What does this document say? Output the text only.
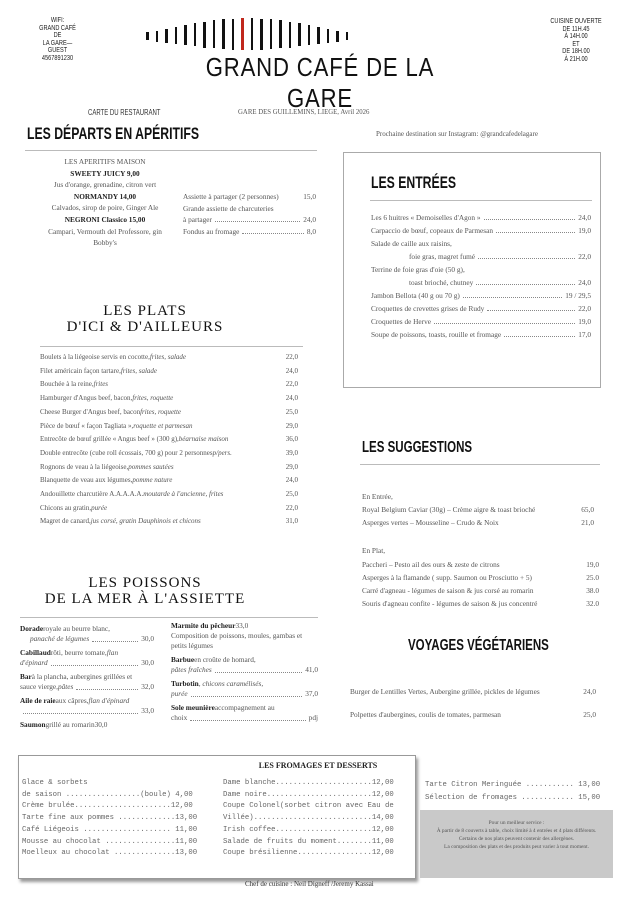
WIFI:
GRAND CAFÉ DE
LA GARE—GUEST
4567891230	GRAND CAFÉ DE LA GARE
CUISINE OUVERTE
DE 11H.45
À 14H.00
ET
DE 18H.00
À 21H.00
CARTE DU RESTAURANT	GARE DES GUILLEMINS, LIEGE, Avril 2026
Prochaine destination sur Instagram: @grandcafedelagare
LES DÉPARTS EN APÉRITIFS
LES APERITIFS MAISON
SWEETY JUICY 9,00
Jus d'orange, grenadine, citron vert
NORMANDY 14,00
Calvados, sirop de poire, Ginger Ale
NEGRONI Classico 15,00
Campari, Vermouth del Professore, gin
Bobby's
Assiette à partager (2 personnes)	15,0
Grande assiette de charcuteries
à partager	24,0
Fondus au fromage	8,0
LES ENTRÉES
Les 6 huitres « Demoiselles d'Agon »	24,0
Carpaccio de bœuf, copeaux de Parmesan	19,0
Salade de caille aux raisins,
foie gras, magret fumé	22,0
Terrine de foie gras d'oie (50 g),
toast brioché, chutney	24,0
Jambon Bellota (40 g ou 70 g)	19 / 29,5
Croquettes de crevettes grises de Rudy	22,0
Croquettes de Herve	19,0
Soupe de poissons, toasts, rouille et fromage	17,0
LES PLATS
D'ICI & D'AILLEURS
Boulets à la liégeoise servis en cocotte, frites, salade	22,0
Filet américain façon tartare, frites, salade	24,0
Bouchée à la reine, frites	22,0
Hamburger d'Angus beef, bacon, frites, roquette	24,0
Cheese Burger d'Angus beef, bacon frites, roquette	25,0
Pièce de bœuf « façon Tagliata », roquette et parmesan	29,0
Entrecôte de bœuf grillée « Angus beef » (300 g), béarnaise maison	36,0
Double entrecôte (cube roll écossais, 700 g) pour 2 personnes p/pers.	39,0
Rognons de veau à la liégeoise, pommes sautées	29,0
Blanquette de veau aux légumes, pomme nature	24,0
Andouillette charcutière A.A.A.A.A. moutarde à l'ancienne, frites	25,0
Chicons au gratin, purée	22,0
Magret de canard, jus corsé, gratin Dauphinois et chicons	31,0
LES SUGGESTIONS
En Entrée,
Royal Belgium Caviar (30g) – Crème aigre & toast brioché	65,0
Asperges vertes – Mousseline – Crudo & Noix	21,0
En Plat,
Paccheri – Pesto ail des ours & zeste de citrons	19,0
Asperges à la flamande ( supp. Saumon ou Prosciutto + 5)	25.0
Carré d'agneau - légumes de saison & jus corsé au romarin	38.0
Souris d'agneau confite - légumes de saison & jus concentré	32.0
LES POISSONS
DE LA MER À L'ASSIETTE
Dorade royale au beurre blanc,
panaché de légumes	30,0
Cabillaud rôti, beurre tomate, flan
d'épinard	30,0
Bar à la plancha, aubergines grillées et
sauce vierge, pâtes	32,0
Aile de raie aux câpres, flan d'épinard
33,0
Saumon grillé au romarin 30,0
Marmite du pêcheur 33,0
Composition de poissons, moules, gambas et petits légumes
Barbue en croûte de homard,
pâtes fraîches	41,0
Turbotin , chicons caramélisés,
purée	37,0
Sole meunière accompagnement au
choix	pdj
VOYAGES VÉGÉTARIENS
Burger de Lentilles Vertes, Aubergine grillée, pickles de légumes	24,0
Polpettes d'aubergines, coulis de tomates, parmesan	25,0
LES FROMAGES ET DESSERTS
Glace & sorbets
de saison .................(boule) 4,00
Crème brulée......................12,00
Tarte fine aux pommes .............13,00
Café Liégeois .................... 11,00
Mousse au chocolat ................11,00
Moelleux au chocolat ..............13,00
Dame blanche......................12,00
Dame noire........................12,00
Coupe Colonel(sorbet citron avec Eau de
Villée)...........................14,00
Irish coffee......................12,00
Salade de fruits du moment........11,00
Coupe brésilienne.................12,00
Tarte Citron Meringuée ........... 13,00
Sélection de fromages ............ 15,00
Pour un meilleur service :
À partir de 8 couverts à table, choix limité à 4 entrées et 4 plats différents.
Certains de nos plats peuvent contenir des allergènes.
La composition des plats et des produits peut varier à tout moment.
Chef de cuisine : Neil Digneff /Jeremy Kassai
